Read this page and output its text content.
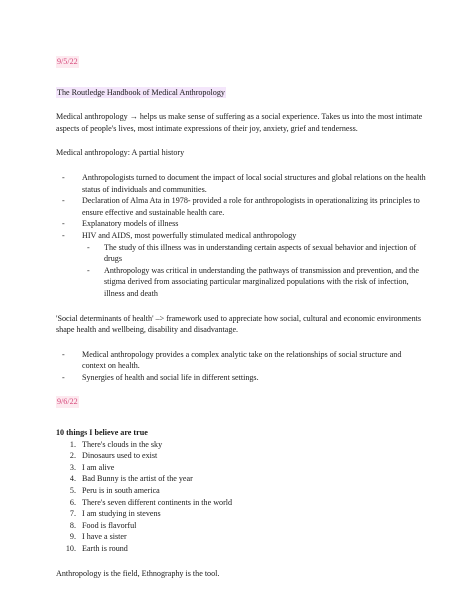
9/5/22

The Routledge Handbook of Medical Anthropology

Medical anthropology → helps us make sense of suffering as a social experience. Takes us into the most intimate aspects of people's lives, most intimate expressions of their joy, anxiety, grief and tenderness.

Medical anthropology: A partial history

- Anthropologists turned to document the impact of local social structures and global relations on the health status of individuals and communities.
- Declaration of Alma Ata in 1978- provided a role for anthropologists in operationalizing its principles to ensure effective and sustainable health care.
- Explanatory models of illness
- HIV and AIDS, most powerfully stimulated medical anthropology
- The study of this illness was in understanding certain aspects of sexual behavior and injection of drugs
- Anthropology was critical in understanding the pathways of transmission and prevention, and the stigma derived from associating particular marginalized populations with the risk of infection, illness and death

'Social determinants of health' –> framework used to appreciate how social, cultural and economic environments shape health and wellbeing, disability and disadvantage.

- Medical anthropology provides a complex analytic take on the relationships of social structure and context on health.
- Synergies of health and social life in different settings.

9/6/22

10 things I believe are true

1. There's clouds in the sky
2. Dinosaurs used to exist
3. I am alive
4. Bad Bunny is the artist of the year
5. Peru is in south america
6. There's seven different continents in the world
7. I am studying in stevens
8. Food is flavorful
9. I have a sister
10. Earth is round

Anthropology is the field, Ethnography is the tool.
